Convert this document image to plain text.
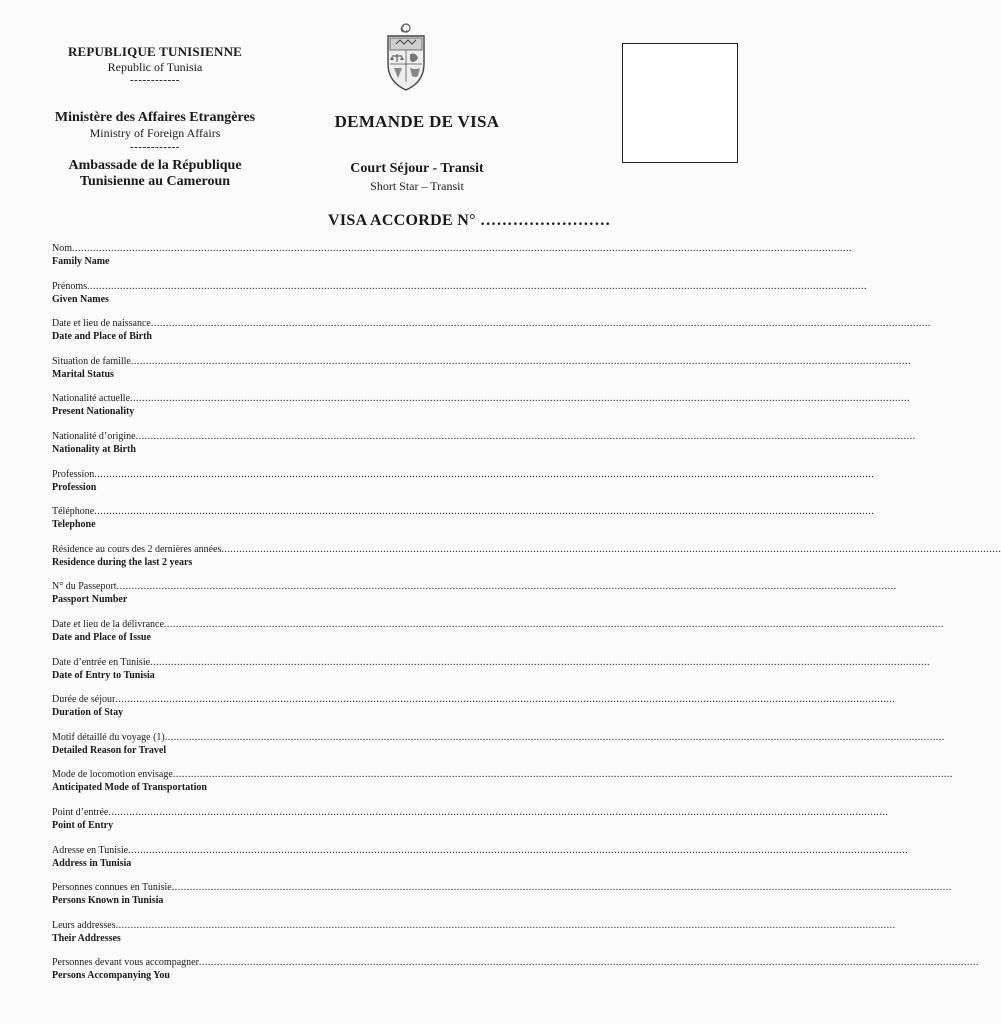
REPUBLIQUE TUNISIENNE
Republic of Tunisia
------------
Ministère des Affaires Etrangères
Ministry of Foreign Affairs
------------
Ambassade de la République
Tunisienne au Cameroun
DEMANDE DE VISA
Court Séjour - Transit
Short Star – Transit
VISA ACCORDE N° ……………………
Nom ....................................................................................................................................................................................................................................................................
Family Name
Prénoms ....................................................................................................................................................................................................................................................................
Given Names
Date et lieu de naissance ....................................................................................................................................................................................................................................................................
Date and Place of Birth
Situation de famille ....................................................................................................................................................................................................................................................................
Marital Status
Nationalité actuelle ....................................................................................................................................................................................................................................................................
Present Nationality
Nationalité d’origine ....................................................................................................................................................................................................................................................................
Nationality at Birth
Profession ....................................................................................................................................................................................................................................................................
Profession
Téléphone ....................................................................................................................................................................................................................................................................
Telephone
Résidence au cours des 2 dernières années ....................................................................................................................................................................................................................................................................
Residence during the last 2 years
N° du Passeport ....................................................................................................................................................................................................................................................................
Passport Number
Date et lieu de la délivrance ....................................................................................................................................................................................................................................................................
Date and Place of Issue
Date d’entrée en Tunisie ....................................................................................................................................................................................................................................................................
Date of Entry to Tunisia
Durée de séjour ....................................................................................................................................................................................................................................................................
Duration of Stay
Motif détaillé du voyage (1) ....................................................................................................................................................................................................................................................................
Detailed Reason for Travel
Mode de locomotion envisage ....................................................................................................................................................................................................................................................................
Anticipated Mode of Transportation
Point d’entrée ....................................................................................................................................................................................................................................................................
Point of Entry
Adresse en Tunisie ....................................................................................................................................................................................................................................................................
Address in Tunisia
Personnes connues en Tunisie ....................................................................................................................................................................................................................................................................
Persons Known in Tunisia
Leurs addresses ....................................................................................................................................................................................................................................................................
Their Addresses
Personnes devant vous accompagner ....................................................................................................................................................................................................................................................................
Persons Accompanying You
